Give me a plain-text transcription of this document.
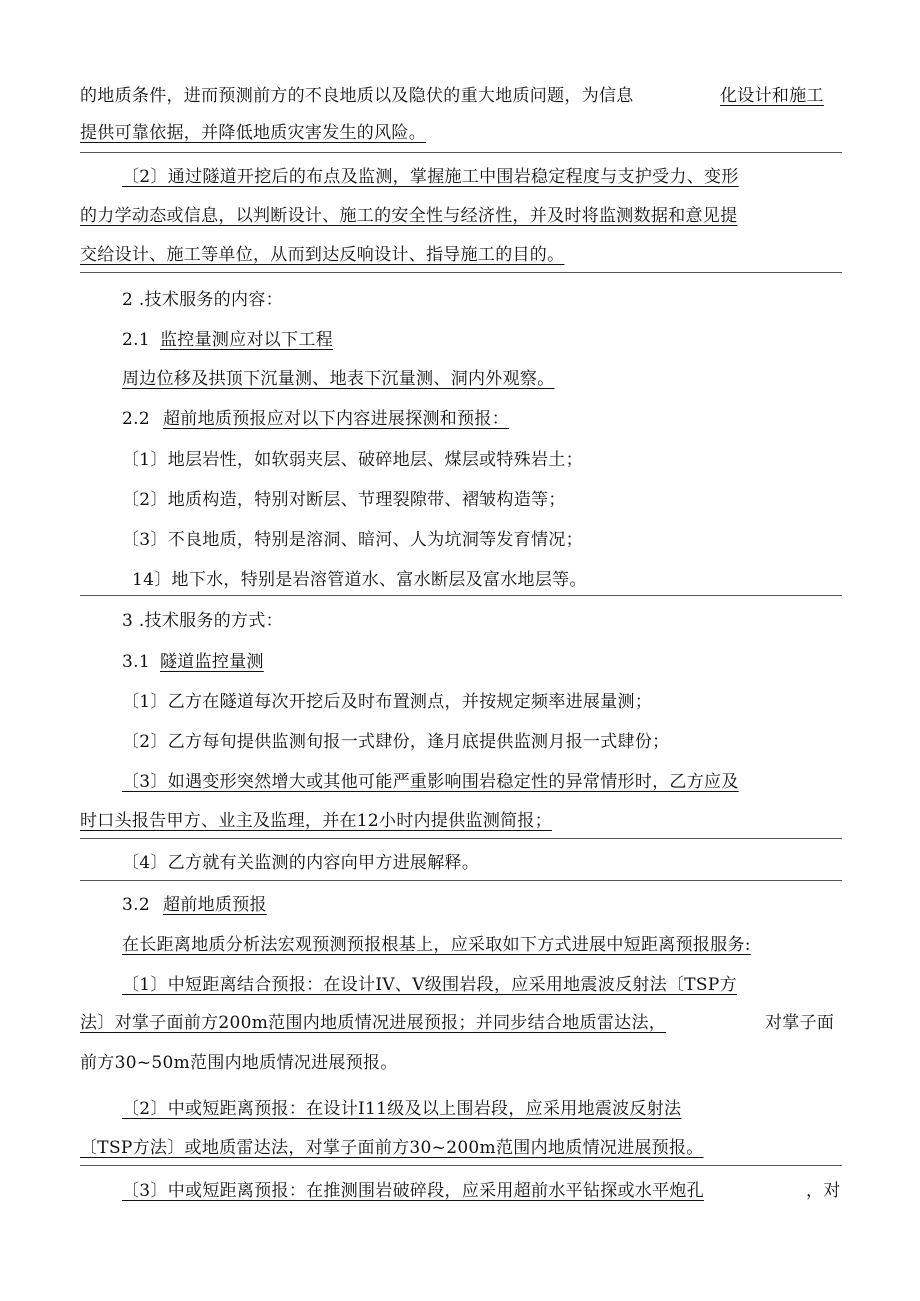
的地质条件，进而预测前方的不良地质以及隐伏的重大地质问题，为信息	化设计和施工
提供可靠依据，并降低地质灾害发生的风险。
〔2〕通过隧道开挖后的布点及监测，掌握施工中围岩稳定程度与支护受力、变形
的力学动态或信息，以判断设计、施工的安全性与经济性，并及时将监测数据和意见提
交给设计、施工等单位，从而到达反响设计、指导施工的目的。
2 .技术服务的内容：
2.1 监控量测应对以下工程
周边位移及拱顶下沉量测、地表下沉量测、洞内外观察。
2.2 超前地质预报应对以下内容进展探测和预报：
〔1〕地层岩性，如软弱夹层、破碎地层、煤层或特殊岩土；
〔2〕地质构造，特别对断层、节理裂隙带、褶皱构造等；
〔3〕不良地质，特别是溶洞、暗河、人为坑洞等发育情况；
14〕地下水，特别是岩溶管道水、富水断层及富水地层等。
3 .技术服务的方式：
3.1 隧道监控量测
〔1〕乙方在隧道每次开挖后及时布置测点，并按规定频率进展量测；
〔2〕乙方每旬提供监测旬报一式肆份，逢月底提供监测月报一式肆份；
〔3〕如遇变形突然增大或其他可能严重影响围岩稳定性的异常情形时，乙方应及
时口头报告甲方、业主及监理，并在12小时内提供监测简报；
〔4〕乙方就有关监测的内容向甲方进展解释。
3.2 超前地质预报
在长距离地质分析法宏观预测预报根基上，应采取如下方式进展中短距离预报服务:
〔1〕中短距离结合预报：在设计IV、V级围岩段，应采用地震波反射法〔TSP方
法〕对掌子面前方200m范围内地质情况进展预报；并同步结合地质雷达法，	对掌子面
前方30~50m范围内地质情况进展预报。
〔2〕中或短距离预报：在设计I11级及以上围岩段，应采用地震波反射法
〔TSP方法〕或地质雷达法，对掌子面前方30~200m范围内地质情况进展预报。
〔3〕中或短距离预报：在推测围岩破碎段，应采用超前水平钻探或水平炮孔	，对
